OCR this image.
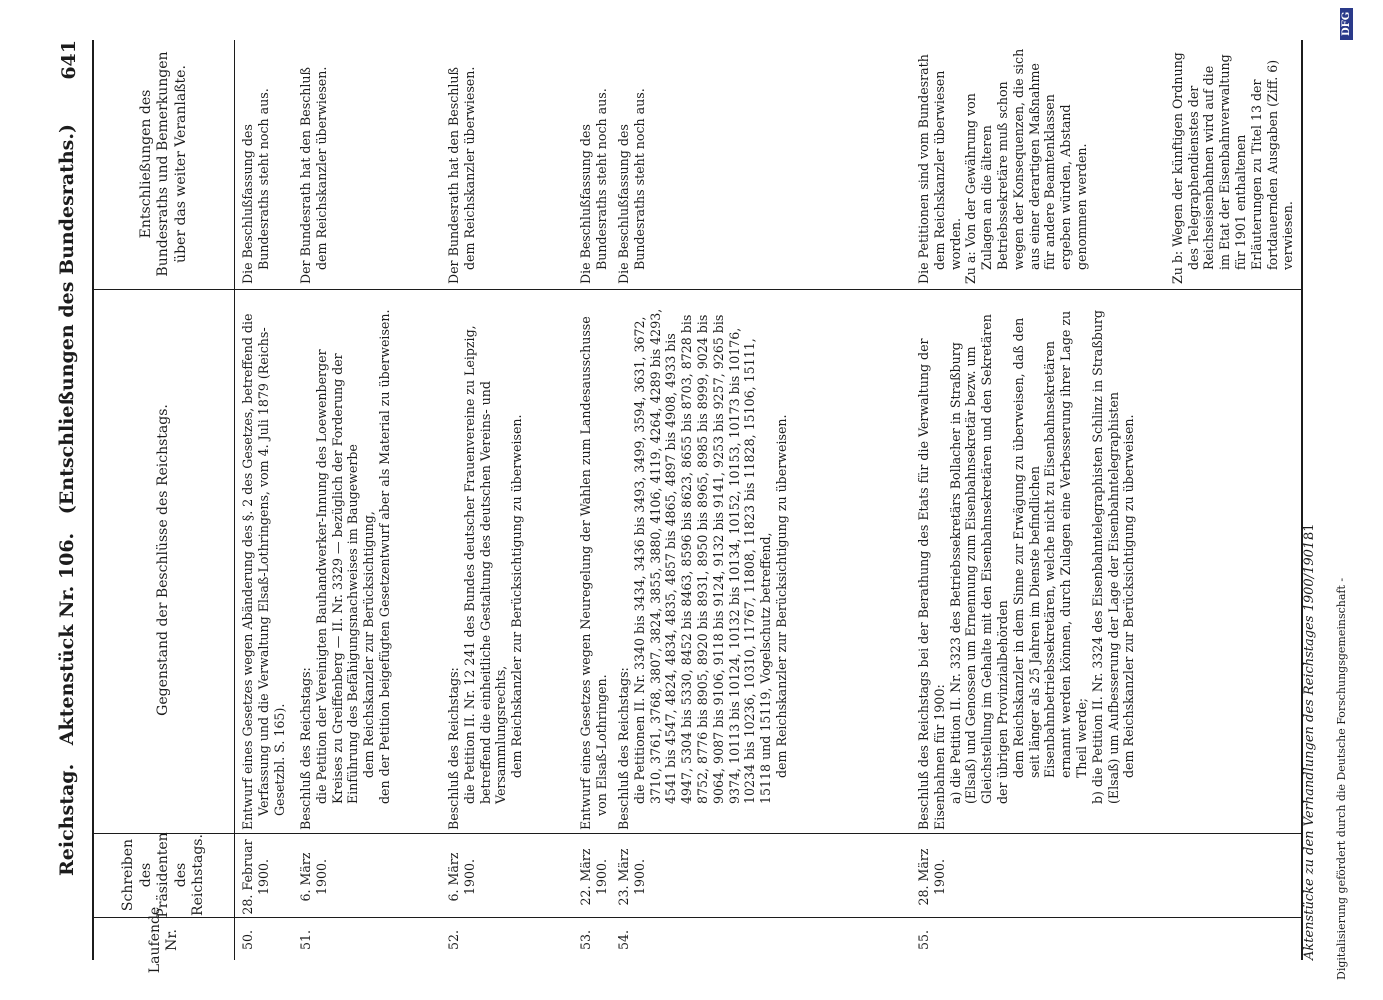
Reichstag. Aktenstück Nr. 106. (Entschließungen des Bundesraths.)
641
Laufende Nr.
Schreiben des Präsidenten des Reichstags.
Gegenstand der Beschlüsse des Reichstags.
Entschließungen des Bundesraths und Bemerkungen über das weiter Veranlaßte.
50.
28. Februar 1900.

Entwurf eines Gesetzes wegen Abänderung des §. 2 des Gesetzes, betreffend die Verfassung und die Verwaltung Elsaß-Lothringens, vom 4. Juli 1879 (Reichs-Gesetzbl. S. 165).

Die Beschlußfassung des Bundesraths steht noch aus.

51.
6. März 1900.

Beschluß des Reichstags: die Petition der Vereinigten Bauhandwerker-Innung des Loewenberger Kreises zu Greiffenberg — II. Nr. 3329 — bezüglich der Forderung der Einführung des Befähigungsnachweises im Baugewerbe dem Reichskanzler zur Berücksichtigung, den der Petition beigefügten Gesetzentwurf aber als Material zu überweisen.

Der Bundesrath hat den Beschluß dem Reichskanzler überwiesen.

52.
6. März 1900.

Beschluß des Reichstags: die Petition II. Nr. 12 241 des Bundes deutscher Frauenvereine zu Leipzig, betreffend die einheitliche Gestaltung des deutschen Vereins- und Versammlungsrechts, dem Reichskanzler zur Berücksichtigung zu überweisen.

Der Bundesrath hat den Beschluß dem Reichskanzler überwiesen.

53.
22. März 1900.

Entwurf eines Gesetzes wegen Neuregelung der Wahlen zum Landesausschusse von Elsaß-Lothringen.

Die Beschlußfassung des Bundesraths steht noch aus.

54.
23. März 1900.

Beschluß des Reichstags: die Petitionen II. Nr. 3340 bis 3434, 3436 bis 3493, 3499, 3594, 3631, 3672, 3710, 3761, 3768, 3807, 3824, 3855, 3880, 4106, 4119, 4264, 4289 bis 4293, 4541 bis 4547, 4824, 4834, 4835, 4857 bis 4865, 4897 bis 4908, 4933 bis 4947, 5304 bis 5330, 8452 bis 8463, 8596 bis 8623, 8655 bis 8703, 8728 bis 8752, 8776 bis 8905, 8920 bis 8931, 8950 bis 8965, 8985 bis 8999, 9024 bis 9064, 9087 bis 9106, 9118 bis 9124, 9132 bis 9141, 9253 bis 9257, 9265 bis 9374, 10113 bis 10124, 10132 bis 10134, 10152, 10153, 10173 bis 10176, 10234 bis 10236, 10310, 11767, 11808, 11823 bis 11828, 15106, 15111, 15118 und 15119, Vogelschutz betreffend, dem Reichskanzler zur Berücksichtigung zu überweisen.

Die Beschlußfassung des Bundesraths steht noch aus.

55.
28. März 1900.

Beschluß des Reichstags bei der Berathung des Etats für die Verwaltung der Eisenbahnen für 1900: a) die Petition II. Nr. 3323 des Betriebssekretärs Bollacher in Straßburg (Elsaß) und Genossen um Ernennung zum Eisenbahnsekretär bezw. um Gleichstellung im Gehalte mit den Eisenbahnsekretären und den Sekretären der übrigen Provinzialbehörden dem Reichskanzler in dem Sinne zur Erwägung zu überweisen, daß den seit länger als 25 Jahren im Dienste befindlichen Eisenbahnbetriebssekretären, welche nicht zu Eisenbahnsekretären ernannt werden können, durch Zulagen eine Verbesserung ihrer Lage zu Theil werde; b) die Petition II. Nr. 3324 des Eisenbahntelegraphisten Schlinz in Straßburg (Elsaß) um Aufbesserung der Lage der Eisenbahntelegraphisten dem Reichskanzler zur Berücksichtigung zu überweisen.

Die Petitionen sind vom Bundesrath dem Reichskanzler überwiesen worden. Zu a: Von der Gewährung von Zulagen an die älteren Betriebssekretäre muß schon wegen der Konsequenzen, die sich aus einer derartigen Maßnahme für andere Beamtenklassen ergeben würden, Abstand genommen werden.	Zu b: Wegen der künftigen Ordnung des Telegraphendienstes der Reichseisenbahnen wird auf die im Etat der Eisenbahnverwaltung für 1901 enthaltenen Erläuterungen zu Titel 13 der fortdauernden Ausgaben (Ziff. 6) verwiesen.

Aktenstücke zu den Verhandlungen des Reichstages 1900/1901.
81
Digitalisierung gefördert durch die Deutsche Forschungsgemeinschaft -
DFG
